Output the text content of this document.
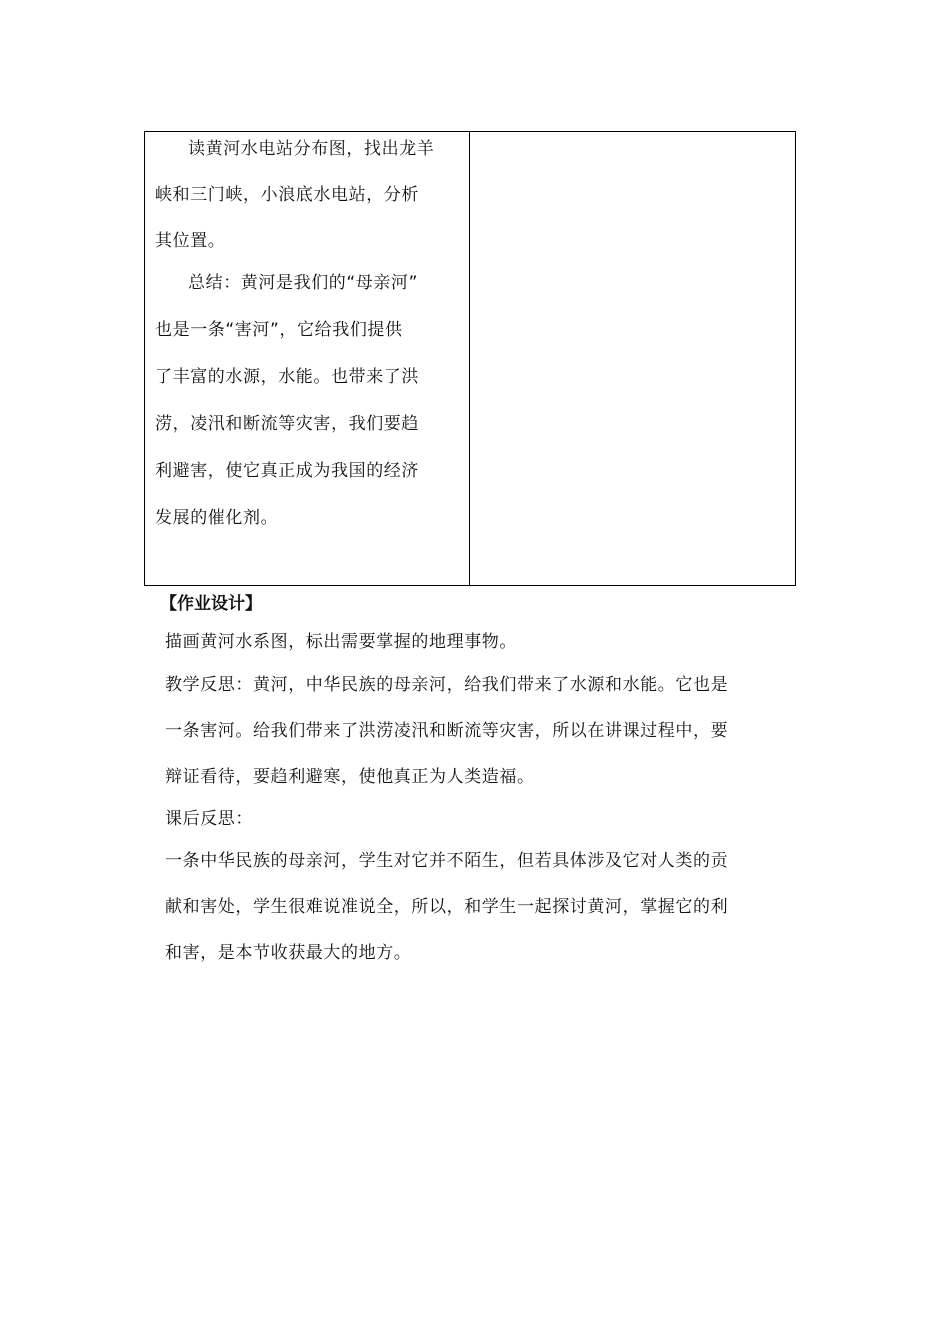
读黄河水电站分布图，找出龙羊
峡和三门峡，小浪底水电站，分析
其位置。
总结：黄河是我们的“母亲河”
也是一条“害河”，它给我们提供
了丰富的水源，水能。也带来了洪
涝，凌汛和断流等灾害，我们要趋
利避害，使它真正成为我国的经济
发展的催化剂。
【作业设计】
描画黄河水系图，标出需要掌握的地理事物。
教学反思：黄河，中华民族的母亲河，给我们带来了水源和水能。它也是
一条害河。给我们带来了洪涝凌汛和断流等灾害，所以在讲课过程中，要
辩证看待，要趋利避寒，使他真正为人类造福。
课后反思：
一条中华民族的母亲河，学生对它并不陌生，但若具体涉及它对人类的贡
献和害处，学生很难说准说全，所以，和学生一起探讨黄河，掌握它的利
和害，是本节收获最大的地方。
